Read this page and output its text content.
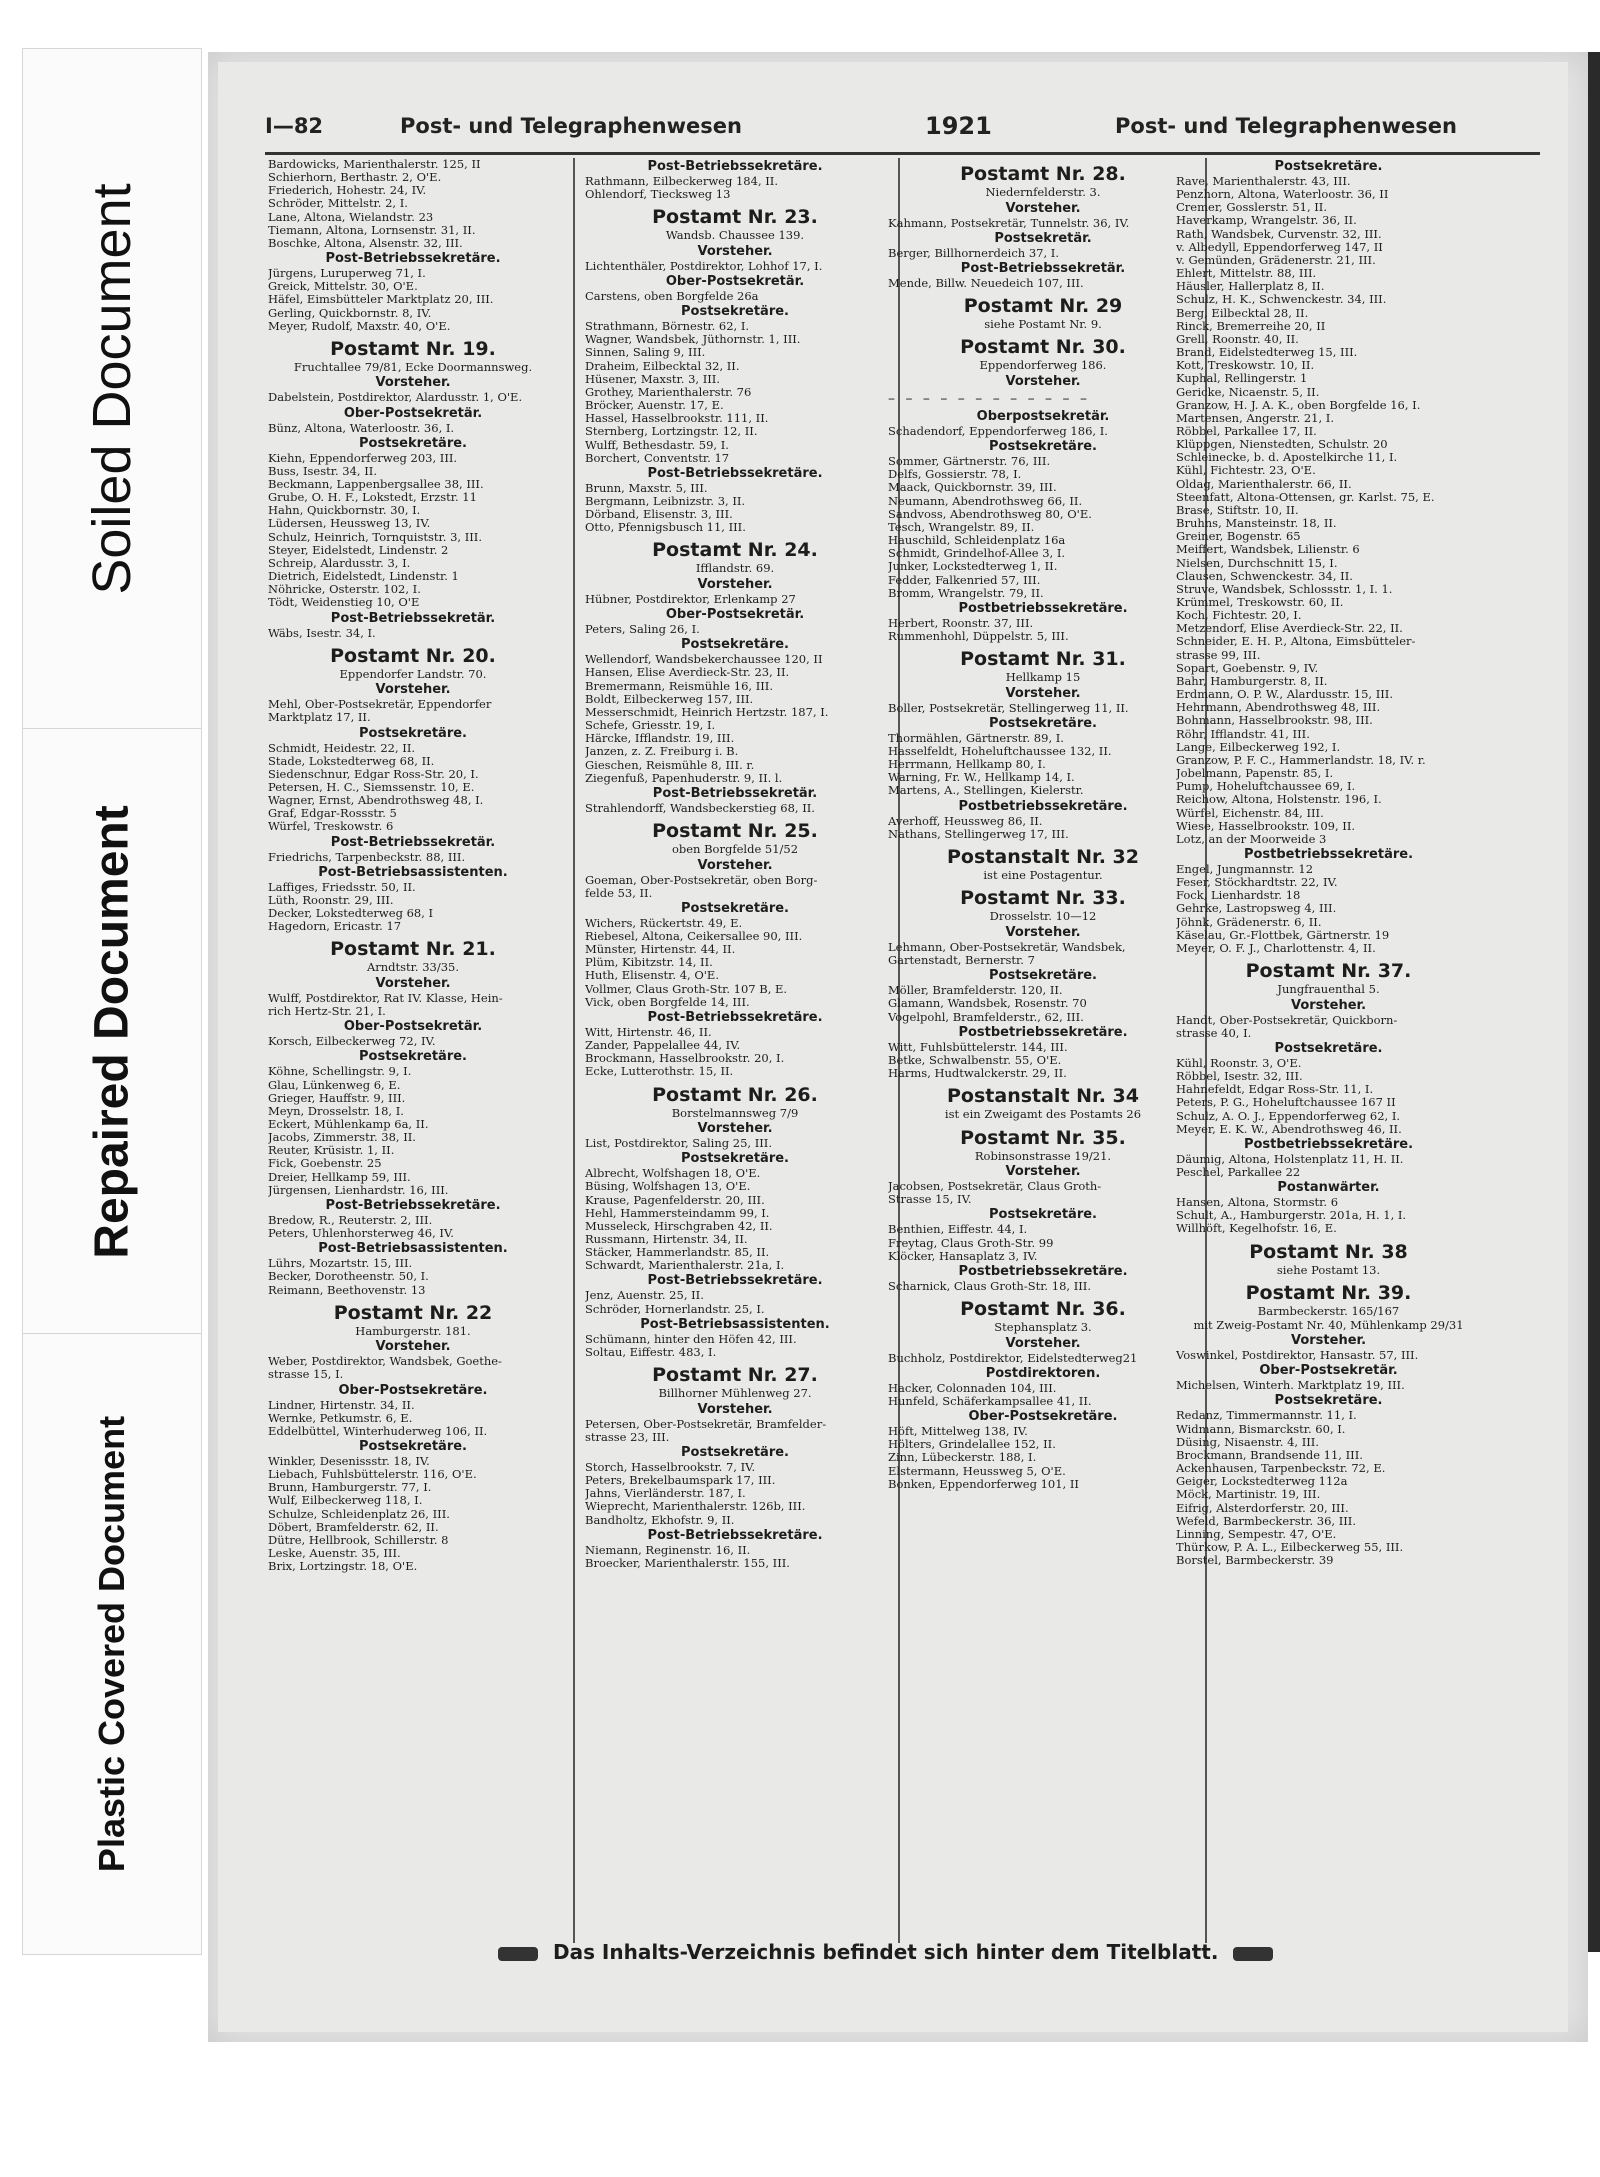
Soiled Document
Repaired Document
Plastic Covered Document
I—82	Post- und Telegraphenwesen	1921	Post- und Telegraphenwesen
Bardowicks, Marienthalerstr. 125, II
Schierhorn, Berthastr. 2, O'E.
Friederich, Hohestr. 24, IV.
Schröder, Mittelstr. 2, I.
Lane, Altona, Wielandstr. 23
Tiemann, Altona, Lornsenstr. 31, II.
Boschke, Altona, Alsenstr. 32, III.
Post-Betriebssekretäre.
Jürgens, Luruperweg 71, I.
Greick, Mittelstr. 30, O'E.
Häfel, Eimsbütteler Marktplatz 20, III.
Gerling, Quickbornstr. 8, IV.
Meyer, Rudolf, Maxstr. 40, O'E.
Postamt Nr. 19.
Fruchtallee 79/81, Ecke Doormannsweg.
Vorsteher.
Dabelstein, Postdirektor, Alardusstr. 1, O'E.
Ober-Postsekretär.
Bünz, Altona, Waterloostr. 36, I.
Postsekretäre.
Kiehn, Eppendorferweg 203, III.
Buss, Isestr. 34, II.
Beckmann, Lappenbergsallee 38, III.
Grube, O. H. F., Lokstedt, Erzstr. 11
Hahn, Quickbornstr. 30, I.
Lüdersen, Heussweg 13, IV.
Schulz, Heinrich, Tornquiststr. 3, III.
Steyer, Eidelstedt, Lindenstr. 2
Schreip, Alardusstr. 3, I.
Dietrich, Eidelstedt, Lindenstr. 1
Nöhricke, Osterstr. 102, I.
Tödt, Weidenstieg 10, O'E
Post-Betriebssekretär.
Wäbs, Isestr. 34, I.
Postamt Nr. 20.
Eppendorfer Landstr. 70.
Vorsteher.
Mehl, Ober-Postsekretär, Eppendorfer
Marktplatz 17, II.
Postsekretäre.
Schmidt, Heidestr. 22, II.
Stade, Lokstedterweg 68, II.
Siedenschnur, Edgar Ross-Str. 20, I.
Petersen, H. C., Siemssenstr. 10, E.
Wagner, Ernst, Abendrothsweg 48, I.
Graf, Edgar-Rossstr. 5
Würfel, Treskowstr. 6
Post-Betriebssekretär.
Friedrichs, Tarpenbeckstr. 88, III.
Post-Betriebsassistenten.
Laffiges, Friedsstr. 50, II.
Lüth, Roonstr. 29, III.
Decker, Lokstedterweg 68, I
Hagedorn, Ericastr. 17
Postamt Nr. 21.
Arndtstr. 33/35.
Vorsteher.
Wulff, Postdirektor, Rat IV. Klasse, Hein-
rich Hertz-Str. 21, I.
Ober-Postsekretär.
Korsch, Eilbeckerweg 72, IV.
Postsekretäre.
Köhne, Schellingstr. 9, I.
Glau, Lünkenweg 6, E.
Grieger, Hauffstr. 9, III.
Meyn, Drosselstr. 18, I.
Eckert, Mühlenkamp 6a, II.
Jacobs, Zimmerstr. 38, II.
Reuter, Krüsistr. 1, II.
Fick, Goebenstr. 25
Dreier, Hellkamp 59, III.
Jürgensen, Lienhardstr. 16, III.
Post-Betriebssekretäre.
Bredow, R., Reuterstr. 2, III.
Peters, Uhlenhorsterweg 46, IV.
Post-Betriebsassistenten.
Lührs, Mozartstr. 15, III.
Becker, Dorotheenstr. 50, I.
Reimann, Beethovenstr. 13
Postamt Nr. 22
Hamburgerstr. 181.
Vorsteher.
Weber, Postdirektor, Wandsbek, Goethe-
strasse 15, I.
Ober-Postsekretäre.
Lindner, Hirtenstr. 34, II.
Wernke, Petkumstr. 6, E.
Eddelbüttel, Winterhuderweg 106, II.
Postsekretäre.
Winkler, Desenissstr. 18, IV.
Liebach, Fuhlsbüttelerstr. 116, O'E.
Brunn, Hamburgerstr. 77, I.
Wulf, Eilbeckerweg 118, I.
Schulze, Schleidenplatz 26, III.
Döbert, Bramfelderstr. 62, II.
Dütre, Hellbrook, Schillerstr. 8
Leske, Auenstr. 35, III.
Brix, Lortzingstr. 18, O'E.
Post-Betriebssekretäre.
Rathmann, Eilbeckerweg 184, II.
Ohlendorf, Tiecksweg 13
Postamt Nr. 23.
Wandsb. Chaussee 139.
Vorsteher.
Lichtenthäler, Postdirektor, Lohhof 17, I.
Ober-Postsekretär.
Carstens, oben Borgfelde 26a
Postsekretäre.
Strathmann, Börnestr. 62, I.
Wagner, Wandsbek, Jüthornstr. 1, III.
Sinnen, Saling 9, III.
Draheim, Eilbecktal 32, II.
Hüsener, Maxstr. 3, III.
Grothey, Marienthalerstr. 76
Bröcker, Auenstr. 17, E.
Hassel, Hasselbrookstr. 111, II.
Sternberg, Lortzingstr. 12, II.
Wulff, Bethesdastr. 59, I.
Borchert, Conventstr. 17
Post-Betriebssekretäre.
Brunn, Maxstr. 5, III.
Bergmann, Leibnizstr. 3, II.
Dörband, Elisenstr. 3, III.
Otto, Pfennigsbusch 11, III.
Postamt Nr. 24.
Ifflandstr. 69.
Vorsteher.
Hübner, Postdirektor, Erlenkamp 27
Ober-Postsekretär.
Peters, Saling 26, I.
Postsekretäre.
Wellendorf, Wandsbekerchaussee 120, II
Hansen, Elise Averdieck-Str. 23, II.
Bremermann, Reismühle 16, III.
Boldt, Eilbeckerweg 157, III.
Messerschmidt, Heinrich Hertzstr. 187, I.
Schefe, Griesstr. 19, I.
Härcke, Ifflandstr. 19, III.
Janzen, z. Z. Freiburg i. B.
Gieschen, Reismühle 8, III. r.
Ziegenfuß, Papenhuderstr. 9, II. l.
Post-Betriebssekretär.
Strahlendorff, Wandsbeckerstieg 68, II.
Postamt Nr. 25.
oben Borgfelde 51/52
Vorsteher.
Goeman, Ober-Postsekretär, oben Borg-
felde 53, II.
Postsekretäre.
Wichers, Rückertstr. 49, E.
Riebesel, Altona, Ceikersallee 90, III.
Münster, Hirtenstr. 44, II.
Plüm, Kibitzstr. 14, II.
Huth, Elisenstr. 4, O'E.
Vollmer, Claus Groth-Str. 107 B, E.
Vick, oben Borgfelde 14, III.
Post-Betriebssekretäre.
Witt, Hirtenstr. 46, II.
Zander, Pappelallee 44, IV.
Brockmann, Hasselbrookstr. 20, I.
Ecke, Lutterothstr. 15, II.
Postamt Nr. 26.
Borstelmannsweg 7/9
Vorsteher.
List, Postdirektor, Saling 25, III.
Postsekretäre.
Albrecht, Wolfshagen 18, O'E.
Büsing, Wolfshagen 13, O'E.
Krause, Pagenfelderstr. 20, III.
Hehl, Hammersteindamm 99, I.
Musseleck, Hirschgraben 42, II.
Russmann, Hirtenstr. 34, II.
Stäcker, Hammerlandstr. 85, II.
Schwardt, Marienthalerstr. 21a, I.
Post-Betriebssekretäre.
Jenz, Auenstr. 25, II.
Schröder, Hornerlandstr. 25, I.
Post-Betriebsassistenten.
Schümann, hinter den Höfen 42, III.
Soltau, Eiffestr. 483, I.
Postamt Nr. 27.
Billhorner Mühlenweg 27.
Vorsteher.
Petersen, Ober-Postsekretär, Bramfelder-
strasse 23, III.
Postsekretäre.
Storch, Hasselbrookstr. 7, IV.
Peters, Brekelbaumspark 17, III.
Jahns, Vierländerstr. 187, I.
Wieprecht, Marienthalerstr. 126b, III.
Bandholtz, Ekhofstr. 9, II.
Post-Betriebssekretäre.
Niemann, Reginenstr. 16, II.
Broecker, Marienthalerstr. 155, III.
Postamt Nr. 28.
Niedernfelderstr. 3.
Vorsteher.
Kahmann, Postsekretär, Tunnelstr. 36, IV.
Postsekretär.
Berger, Billhornerdeich 37, I.
Post-Betriebssekretär.
Mende, Billw. Neuedeich 107, III.
Postamt Nr. 29
siehe Postamt Nr. 9.
Postamt Nr. 30.
Eppendorferweg 186.
Vorsteher.
– – – – – – – – – – – –
Oberpostsekretär.
Schadendorf, Eppendorferweg 186, I.
Postsekretäre.
Sommer, Gärtnerstr. 76, III.
Delfs, Gossierstr. 78, I.
Maack, Quickbornstr. 39, III.
Neumann, Abendrothsweg 66, II.
Sandvoss, Abendrothsweg 80, O'E.
Tesch, Wrangelstr. 89, II.
Hauschild, Schleidenplatz 16a
Schmidt, Grindelhof-Allee 3, I.
Junker, Lockstedterweg 1, II.
Fedder, Falkenried 57, III.
Bromm, Wrangelstr. 79, II.
Postbetriebssekretäre.
Herbert, Roonstr. 37, III.
Rummenhohl, Düppelstr. 5, III.
Postamt Nr. 31.
Hellkamp 15
Vorsteher.
Boller, Postsekretär, Stellingerweg 11, II.
Postsekretäre.
Thormählen, Gärtnerstr. 89, I.
Hasselfeldt, Hoheluftchaussee 132, II.
Herrmann, Hellkamp 80, I.
Warning, Fr. W., Hellkamp 14, I.
Martens, A., Stellingen, Kielerstr.
Postbetriebssekretäre.
Averhoff, Heussweg 86, II.
Nathans, Stellingerweg 17, III.
Postanstalt Nr. 32
ist eine Postagentur.
Postamt Nr. 33.
Drosselstr. 10—12
Vorsteher.
Lehmann, Ober-Postsekretär, Wandsbek,
Gartenstadt, Bernerstr. 7
Postsekretäre.
Möller, Bramfelderstr. 120, II.
Glamann, Wandsbek, Rosenstr. 70
Vogelpohl, Bramfelderstr., 62, III.
Postbetriebssekretäre.
Witt, Fuhlsbüttelerstr. 144, III.
Betke, Schwalbenstr. 55, O'E.
Harms, Hudtwalckerstr. 29, II.
Postanstalt Nr. 34
ist ein Zweigamt des Postamts 26
Postamt Nr. 35.
Robinsonstrasse 19/21.
Vorsteher.
Jacobsen, Postsekretär, Claus Groth-
Strasse 15, IV.
Postsekretäre.
Benthien, Eiffestr. 44, I.
Freytag, Claus Groth-Str. 99
Klöcker, Hansaplatz 3, IV.
Postbetriebssekretäre.
Scharnick, Claus Groth-Str. 18, III.
Postamt Nr. 36.
Stephansplatz 3.
Vorsteher.
Buchholz, Postdirektor, Eidelstedterweg21
Postdirektoren.
Hacker, Colonnaden 104, III.
Hunfeld, Schäferkampsallee 41, II.
Ober-Postsekretäre.
Höft, Mittelweg 138, IV.
Hölters, Grindelallee 152, II.
Zinn, Lübeckerstr. 188, I.
Elstermann, Heussweg 5, O'E.
Bonken, Eppendorferweg 101, II
Postsekretäre.
Rave, Marienthalerstr. 43, III.
Penzhorn, Altona, Waterloostr. 36, II
Cremer, Gosslerstr. 51, II.
Haverkamp, Wrangelstr. 36, II.
Rath, Wandsbek, Curvenstr. 32, III.
v. Albedyll, Eppendorferweg 147, II
v. Gemünden, Grädenerstr. 21, III.
Ehlert, Mittelstr. 88, III.
Häusler, Hallerplatz 8, II.
Schulz, H. K., Schwenckestr. 34, III.
Berg, Eilbecktal 28, II.
Rinck, Bremerreihe 20, II
Grell, Roonstr. 40, II.
Brand, Eidelstedterweg 15, III.
Kott, Treskowstr. 10, II.
Kuphal, Rellingerstr. 1
Gericke, Nicaenstr. 5, II.
Granzow, H. J. A. K., oben Borgfelde 16, I.
Martensen, Angerstr. 21, I.
Röbbel, Parkallee 17, II.
Klüppgen, Nienstedten, Schulstr. 20
Schleinecke, b. d. Apostelkirche 11, I.
Kühl, Fichtestr. 23, O'E.
Oldag, Marienthalerstr. 66, II.
Steenfatt, Altona-Ottensen, gr. Karlst. 75, E.
Brase, Stiftstr. 10, II.
Bruhns, Mansteinstr. 18, II.
Greiner, Bogenstr. 65
Meiffert, Wandsbek, Lilienstr. 6
Nielsen, Durchschnitt 15, I.
Clausen, Schwenckestr. 34, II.
Struve, Wandsbek, Schlossstr. 1, I. 1.
Krümmel, Treskowstr. 60, II.
Koch, Fichtestr. 20, I.
Metzendorf, Elise Averdieck-Str. 22, II.
Schneider, E. H. P., Altona, Eimsbütteler-
strasse 99, III.
Sopart, Goebenstr. 9, IV.
Bahr, Hamburgerstr. 8, II.
Erdmann, O. P. W., Alardusstr. 15, III.
Hehrmann, Abendrothsweg 48, III.
Bohmann, Hasselbrookstr. 98, III.
Röhr, Ifflandstr. 41, III.
Lange, Eilbeckerweg 192, I.
Granzow, P. F. C., Hammerlandstr. 18, IV. r.
Jobelmann, Papenstr. 85, I.
Pump, Hoheluftchaussee 69, I.
Reichow, Altona, Holstenstr. 196, I.
Würfel, Eichenstr. 84, III.
Wiese, Hasselbrookstr. 109, II.
Lotz, an der Moorweide 3
Postbetriebssekretäre.
Engel, Jungmannstr. 12
Feser, Stöckhardtstr. 22, IV.
Fock, Lienhardstr. 18
Gehrke, Lastropsweg 4, III.
Jöhnk, Grädenerstr. 6, II.
Käselau, Gr.-Flottbek, Gärtnerstr. 19
Meyer, O. F. J., Charlottenstr. 4, II.
Postamt Nr. 37.
Jungfrauenthal 5.
Vorsteher.
Handt, Ober-Postsekretär, Quickborn-
strasse 40, I.
Postsekretäre.
Kühl, Roonstr. 3, O'E.
Röbbel, Isestr. 32, III.
Hahnefeldt, Edgar Ross-Str. 11, I.
Peters, P. G., Hoheluftchaussee 167 II
Schulz, A. O. J., Eppendorferweg 62, I.
Meyer, E. K. W., Abendrothsweg 46, II.
Postbetriebssekretäre.
Däumig, Altona, Holstenplatz 11, H. II.
Peschel, Parkallee 22
Postanwärter.
Hansen, Altona, Stormstr. 6
Schult, A., Hamburgerstr. 201a, H. 1, I.
Willhöft, Kegelhofstr. 16, E.
Postamt Nr. 38
siehe Postamt 13.
Postamt Nr. 39.
Barmbeckerstr. 165/167
mit Zweig-Postamt Nr. 40, Mühlenkamp 29/31
Vorsteher.
Voswinkel, Postdirektor, Hansastr. 57, III.
Ober-Postsekretär.
Michelsen, Winterh. Marktplatz 19, III.
Postsekretäre.
Redanz, Timmermannstr. 11, I.
Widmann, Bismarckstr. 60, I.
Düsing, Nisaenstr. 4, III.
Brockmann, Brandsende 11, III.
Ackenhausen, Tarpenbeckstr. 72, E.
Geiger, Lockstedterweg 112a
Möck, Martinistr. 19, III.
Eifrig, Alsterdorferstr. 20, III.
Wefeld, Barmbeckerstr. 36, III.
Linning, Sempestr. 47, O'E.
Thürkow, P. A. L., Eilbeckerweg 55, III.
Borstel, Barmbeckerstr. 39
Das Inhalts-Verzeichnis befindet sich hinter dem Titelblatt.
